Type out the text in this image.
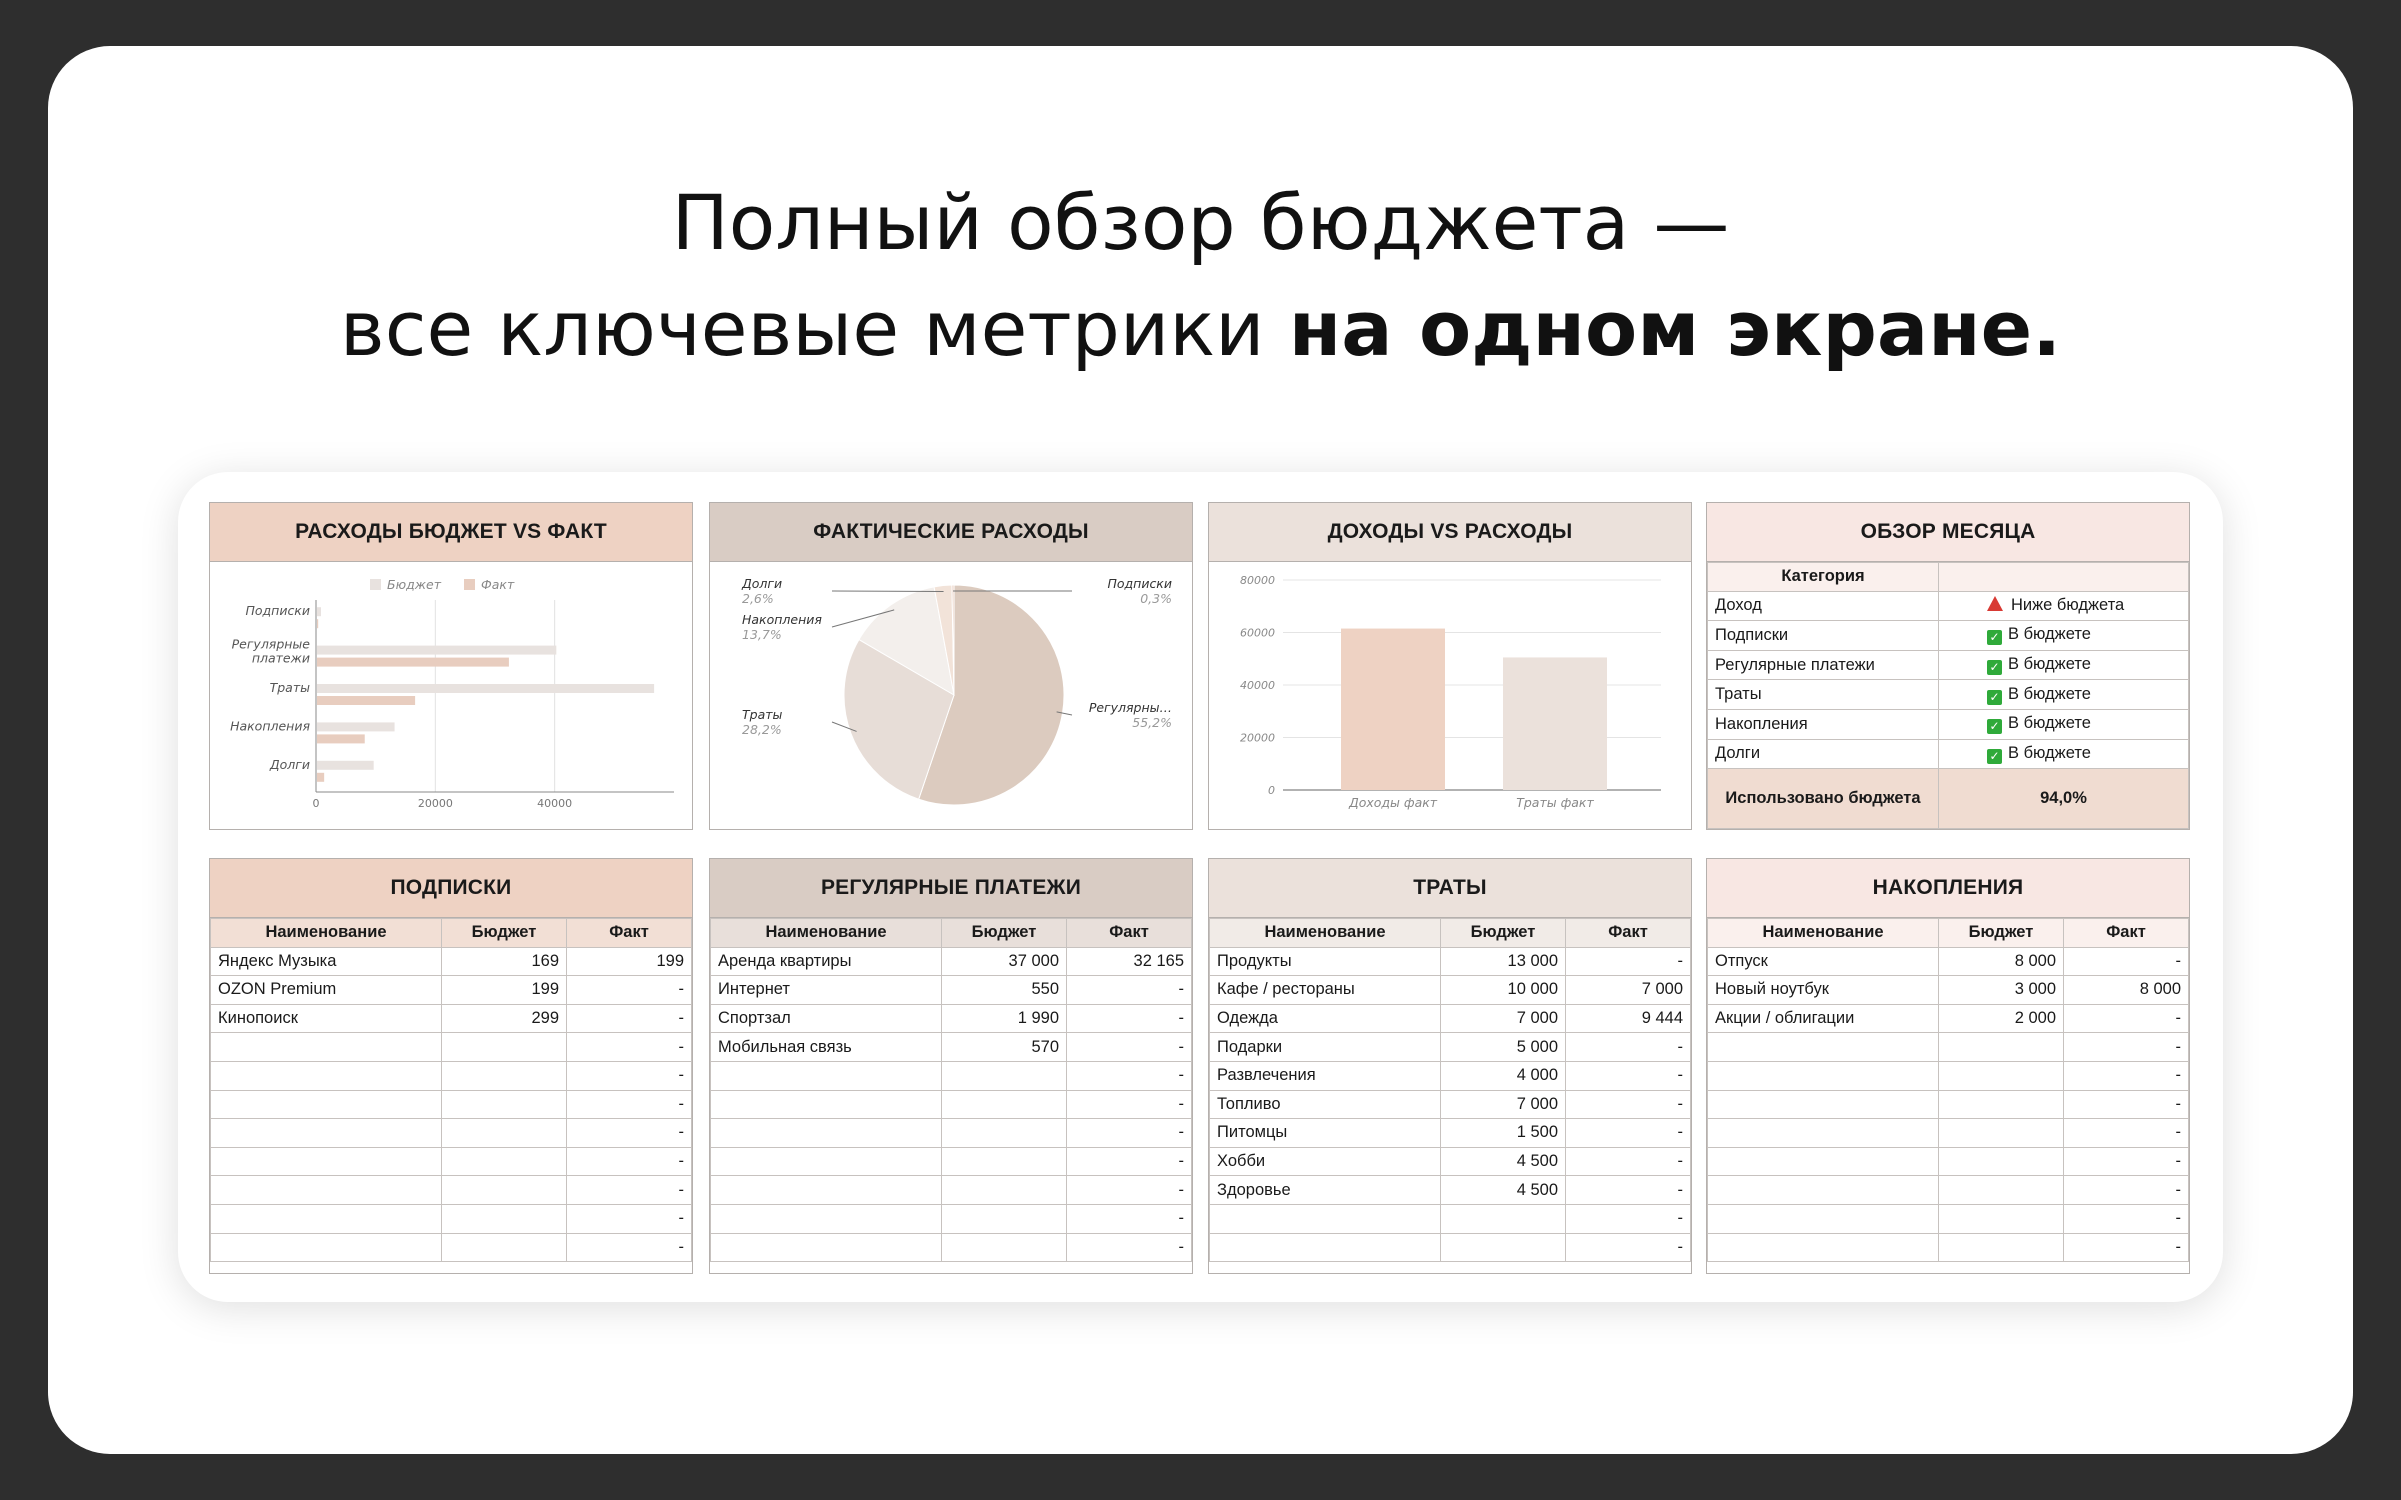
Полный обзор бюджета —
все ключевые метрики на одном экране.
РАСХОДЫ БЮДЖЕТ VS ФАКТ
0	20000	40000
Подписки
Регулярные платежи
Траты
Накопления
Долги
Бюджет	Факт
ФАКТИЧЕСКИЕ РАСХОДЫ
Регулярны…
55,2%
Траты
28,2%
Накопления
13,7%
Долги
2,6%
Подписки
0,3%
ДОХОДЫ VS РАСХОДЫ
0
20000
40000
60000
80000
Доходы факт	Траты факт
ОБЗОР МЕСЯЦА
Категория	
Доход	Ниже бюджета
Подписки	✓ В бюджете
Регулярные платежи	✓ В бюджете
Траты	✓ В бюджете
Накопления	✓ В бюджете
Долги	✓ В бюджете
Использовано бюджета	94,0%
ПОДПИСКИ
Наименование	Бюджет	Факт
Яндекс Музыка	169	199
OZON Premium	199	-
Кинопоиск	299	-
		-
		-
		-
		-
		-
		-
		-
		-
РЕГУЛЯРНЫЕ ПЛАТЕЖИ
Наименование	Бюджет	Факт
Аренда квартиры	37 000	32 165
Интернет	550	-
Спортзал	1 990	-
Мобильная связь	570	-
		-
		-
		-
		-
		-
		-
		-
ТРАТЫ
Наименование	Бюджет	Факт
Продукты	13 000	-
Кафе / рестораны	10 000	7 000
Одежда	7 000	9 444
Подарки	5 000	-
Развлечения	4 000	-
Топливо	7 000	-
Питомцы	1 500	-
Хобби	4 500	-
Здоровье	4 500	-
		-
		-
НАКОПЛЕНИЯ
Наименование	Бюджет	Факт
Отпуск	8 000	-
Новый ноутбук	3 000	8 000
Акции / облигации	2 000	-
		-
		-
		-
		-
		-
		-
		-
		-
